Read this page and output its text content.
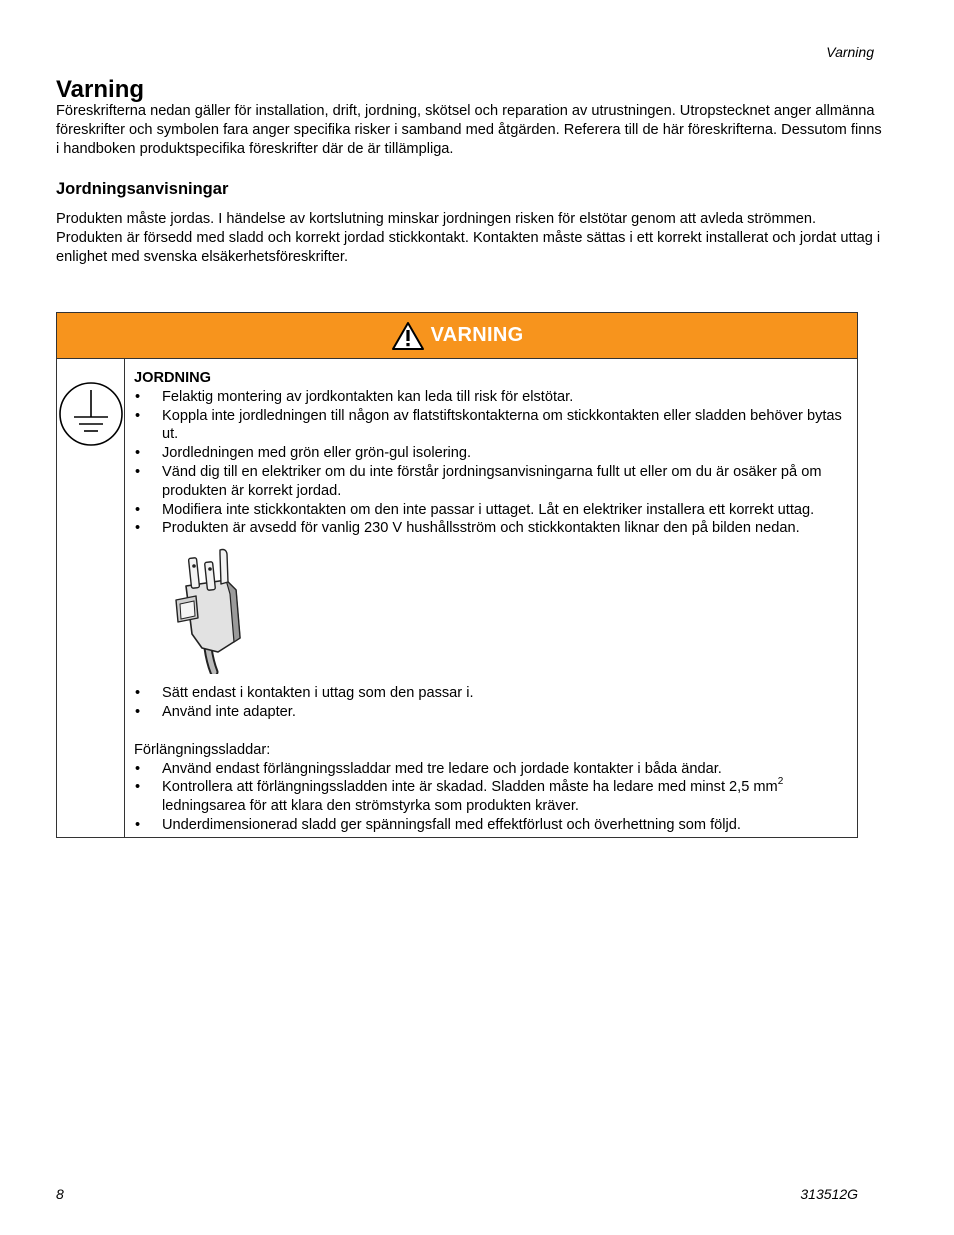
Varning
Varning

Föreskrifterna nedan gäller för installation, drift, jordning, skötsel och reparation av utrustningen. Utropstecknet anger allmänna föreskrifter och symbolen fara anger specifika risker i samband med åtgärden. Referera till de här föreskrifterna. Dessutom finns i handboken produktspecifika föreskrifter där de är tillämpliga.

Jordningsanvisningar

Produkten måste jordas. I händelse av kortslutning minskar jordningen risken för elstötar genom att avleda strömmen. Produkten är försedd med sladd och korrekt jordad stickkontakt. Kontakten måste sättas i ett korrekt installerat och jordat uttag i enlighet med svenska elsäkerhetsföreskrifter.

VARNING
JORDNING
• Felaktig montering av jordkontakten kan leda till risk för elstötar.
• Koppla inte jordledningen till någon av flatstiftskontakterna om stickkontakten eller sladden behöver bytas ut.
• Jordledningen med grön eller grön-gul isolering.
• Vänd dig till en elektriker om du inte förstår jordningsanvisningarna fullt ut eller om du är osäker på om produkten är korrekt jordad.
• Modifiera inte stickkontakten om den inte passar i uttaget. Låt en elektriker installera ett korrekt uttag.
• Produkten är avsedd för vanlig 230 V hushållsström och stickkontakten liknar den på bilden nedan.
• Sätt endast i kontakten i uttag som den passar i.
• Använd inte adapter.
Förlängningssladdar:
• Använd endast förlängningssladdar med tre ledare och jordade kontakter i båda ändar.
• Kontrollera att förlängningssladden inte är skadad. Sladden måste ha ledare med minst 2,5 $mm^2$ ledningsarea för att klara den strömstyrka som produkten kräver.
• Underdimensionerad sladd ger spänningsfall med effektförlust och överhettning som följd.
8	313512G
